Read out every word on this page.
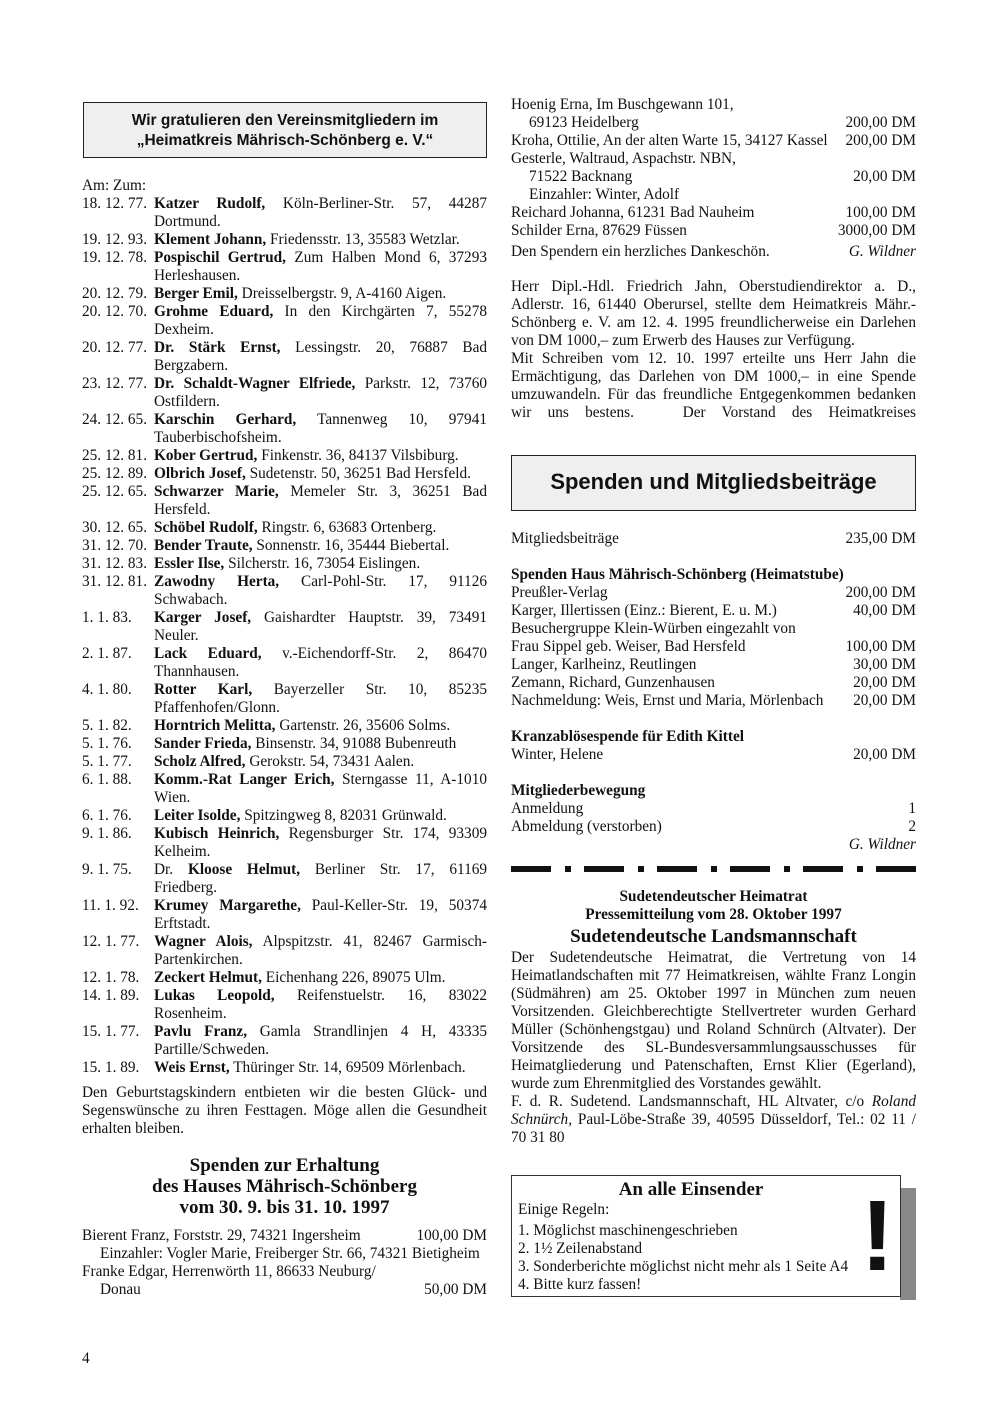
Wir gratulieren den Vereinsmitgliedern im
„Heimatkreis Mährisch-Schönberg e. V.“
Am: Zum:
18. 12. 77. Katzer Rudolf, Köln-Berliner-Str. 57, 44287 Dortmund.
19. 12. 93. Klement Johann, Friedensstr. 13, 35583 Wetzlar.
19. 12. 78. Pospischil Gertrud, Zum Halben Mond 6, 37293 Herleshausen.
20. 12. 79. Berger Emil, Dreisselbergstr. 9, A-4160 Aigen.
20. 12. 70. Grohme Eduard, In den Kirchgärten 7, 55278 Dexheim.
20. 12. 77. Dr. Stärk Ernst, Lessingstr. 20, 76887 Bad Bergzabern.
23. 12. 77. Dr. Schaldt-Wagner Elfriede, Parkstr. 12, 73760 Ostfildern.
24. 12. 65. Karschin Gerhard, Tannenweg 10, 97941 Tauberbischofsheim.
25. 12. 81. Kober Gertrud, Finkenstr. 36, 84137 Vilsbiburg.
25. 12. 89. Olbrich Josef, Sudetenstr. 50, 36251 Bad Hersfeld.
25. 12. 65. Schwarzer Marie, Memeler Str. 3, 36251 Bad Hersfeld.
30. 12. 65. Schöbel Rudolf, Ringstr. 6, 63683 Ortenberg.
31. 12. 70. Bender Traute, Sonnenstr. 16, 35444 Biebertal.
31. 12. 83. Essler Ilse, Silcherstr. 16, 73054 Eislingen.
31. 12. 81. Zawodny Herta, Carl-Pohl-Str. 17, 91126 Schwabach.
1. 1. 83.	Karger Josef, Gaishardter Hauptstr. 39, 73491 Neuler.
2. 1. 87.	Lack Eduard, v.-Eichendorff-Str. 2, 86470 Thannhausen.
4. 1. 80.	Rotter Karl, Bayerzeller Str. 10, 85235 Pfaffenhofen/Glonn.
5. 1. 82.	Horntrich Melitta, Gartenstr. 26, 35606 Solms.
5. 1. 76.	Sander Frieda, Binsenstr. 34, 91088 Bubenreuth
5. 1. 77.	Scholz Alfred, Gerokstr. 54, 73431 Aalen.
6. 1. 88.	Komm.-Rat Langer Erich, Sterngasse 11, A-1010 Wien.
6. 1. 76.	Leiter Isolde, Spitzingweg 8, 82031 Grünwald.
9. 1. 86.	Kubisch Heinrich, Regensburger Str. 174, 93309 Kelheim.
9. 1. 75.	Dr. Kloose Helmut, Berliner Str. 17, 61169 Friedberg.
11. 1. 92. Krumey Margarethe, Paul-Keller-Str. 19, 50374 Erftstadt.
12. 1. 77. Wagner Alois, Alpspitzstr. 41, 82467 Garmisch-Partenkirchen.
12. 1. 78. Zeckert Helmut, Eichenhang 226, 89075 Ulm.
14. 1. 89. Lukas Leopold, Reifenstuelstr. 16, 83022 Rosenheim.
15. 1. 77. Pavlu Franz, Gamla Strandlinjen 4 H, 43335 Partille/Schweden.
15. 1. 89. Weis Ernst, Thüringer Str. 14, 69509 Mörlenbach.
Den Geburtstagskindern entbieten wir die besten Glück- und Segenswünsche zu ihren Festtagen. Möge allen die Gesundheit erhalten bleiben.
Spenden zur Erhaltung
des Hauses Mährisch-Schönberg
vom 30. 9. bis 31. 10. 1997
Bierent Franz, Forststr. 29, 74321 Ingersheim	100,00 DM
Einzahler: Vogler Marie, Freiberger Str. 66, 74321 Bietigheim
Franke Edgar, Herrenwörth 11, 86633 Neuburg/
Donau	50,00 DM
4
Hoenig Erna, Im Buschgewann 101,
69123 Heidelberg	200,00 DM
Kroha, Ottilie, An der alten Warte 15, 34127 Kassel 200,00 DM
Gesterle, Waltraud, Aspachstr. NBN,
71522 Backnang	20,00 DM
Einzahler: Winter, Adolf
Reichard Johanna, 61231 Bad Nauheim	100,00 DM
Schilder Erna, 87629 Füssen	3000,00 DM
Den Spendern ein herzliches Dankeschön.	G. Wildner
Herr Dipl.-Hdl. Friedrich Jahn, Oberstudiendirektor a. D., Adlerstr. 16, 61440 Oberursel, stellte dem Heimatkreis Mähr.-Schönberg e. V. am 12. 4. 1995 freundlicherweise ein Darlehen von DM 1000,– zum Erwerb des Hauses zur Verfügung.
Mit Schreiben vom 12. 10. 1997 erteilte uns Herr Jahn die Ermächtigung, das Darlehen von DM 1000,– in eine Spende umzuwandeln. Für das freundliche Entgegenkommen bedanken wir uns bestens.	Der Vorstand des Heimatkreises
Spenden und Mitgliedsbeiträge
Mitgliedsbeiträge	235,00 DM
Spenden Haus Mährisch-Schönberg (Heimatstube)
Preußler-Verlag	200,00 DM
Karger, Illertissen (Einz.: Bierent, E. u. M.)	40,00 DM
Besuchergruppe Klein-Würben eingezahlt von
Frau Sippel geb. Weiser, Bad Hersfeld	100,00 DM
Langer, Karlheinz, Reutlingen	30,00 DM
Zemann, Richard, Gunzenhausen	20,00 DM
Nachmeldung: Weis, Ernst und Maria, Mörlenbach 20,00 DM
Kranzablösespende für Edith Kittel
Winter, Helene	20,00 DM
Mitgliederbewegung
Anmeldung	1
Abmeldung (verstorben)	2
G. Wildner
Sudetendeutscher Heimatrat
Pressemitteilung vom 28. Oktober 1997
Sudetendeutsche Landsmannschaft
Der Sudetendeutsche Heimatrat, die Vertretung von 14 Heimatlandschaften mit 77 Heimatkreisen, wählte Franz Longin (Südmähren) am 25. Oktober 1997 in München zum neuen Vorsitzenden. Gleichberechtigte Stellvertreter wurden Gerhard Müller (Schönhengstgau) und Roland Schnürch (Altvater). Der Vorsitzende des SL-Bundesversammlungsausschusses für Heimatgliederung und Patenschaften, Ernst Klier (Egerland), wurde zum Ehrenmitglied des Vorstandes gewählt.
F. d. R. Sudetend. Landsmannschaft, HL Altvater, c/o Roland Schnürch, Paul-Löbe-Straße 39, 40595 Düsseldorf, Tel.: 02 11 / 70 31 80
An alle Einsender
Einige Regeln:
1. Möglichst maschinengeschrieben
2. 1½ Zeilenabstand
3. Sonderberichte möglichst nicht mehr als 1 Seite A4
4. Bitte kurz fassen!	!
